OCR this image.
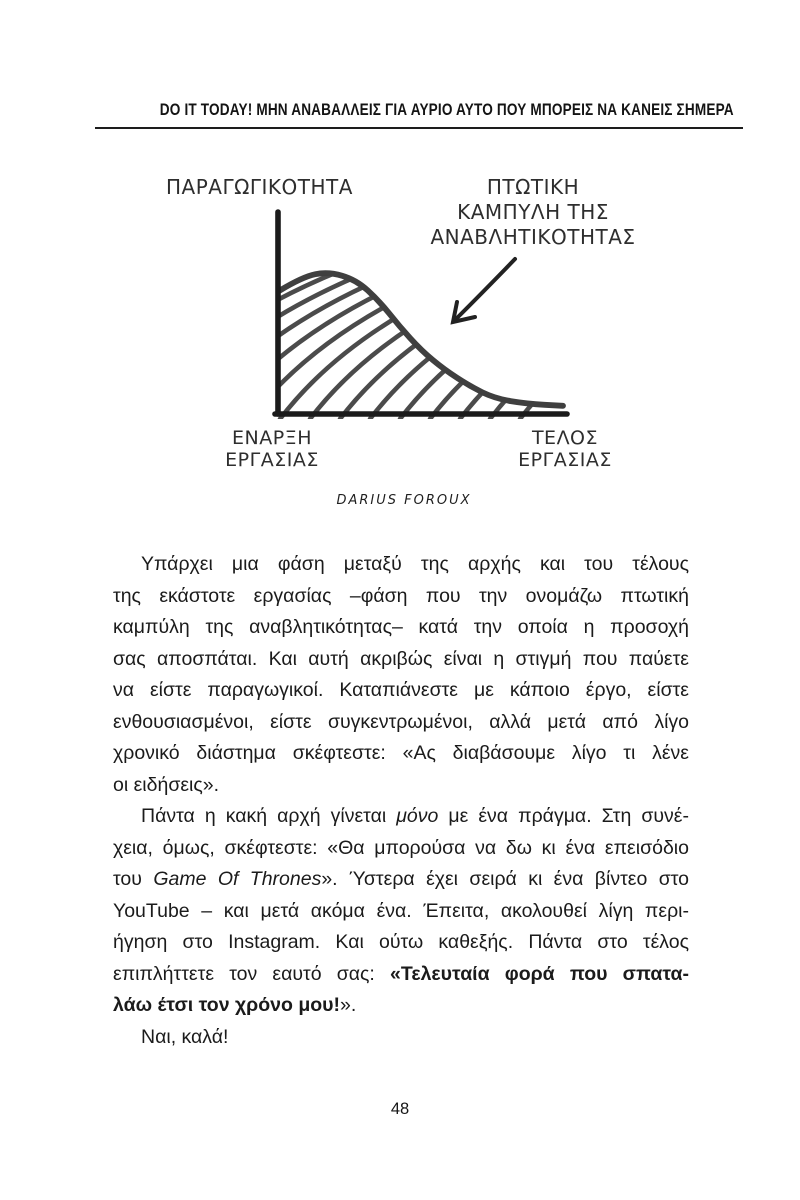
DO IT TODAY! ΜΗΝ ΑΝΑΒΑΛΛΕΙΣ ΓΙΑ ΑΥΡΙΟ ΑΥΤΟ ΠΟΥ ΜΠΟΡΕΙΣ ΝΑ ΚΑΝΕΙΣ ΣΗΜΕΡΑ
ΠΑΡΑΓΩΓΙΚΟΤΗΤΑ	ΠΤΩΤΙΚΗ
ΚΑΜΠΥΛΗ ΤΗΣ
ΑΝΑΒΛΗΤΙΚΟΤΗΤΑΣ
ΕΝΑΡΞΗ
ΕΡΓΑΣΙΑΣ
ΤΕΛΟΣ
ΕΡΓΑΣΙΑΣ
DARIUS FOROUX
Υπάρχει μια φάση μεταξύ της αρχής και του τέλους
της εκάστοτε εργασίας –φάση που την ονομάζω πτωτική
καμπύλη της αναβλητικότητας– κατά την οποία η προσοχή
σας αποσπάται. Και αυτή ακριβώς είναι η στιγμή που παύετε
να είστε παραγωγικοί. Καταπιάνεστε με κάποιο έργο, είστε
ενθουσιασμένοι, είστε συγκεντρωμένοι, αλλά μετά από λίγο
χρονικό διάστημα σκέφτεστε: «Ας διαβάσουμε λίγο τι λένε
οι ειδήσεις».
Πάντα η κακή αρχή γίνεται μόνο με ένα πράγμα. Στη συνέ-
χεια, όμως, σκέφτεστε: «Θα μπορούσα να δω κι ένα επεισόδιο
του Game Of Thrones». Ύστερα έχει σειρά κι ένα βίντεο στο
YouTube – και μετά ακόμα ένα. Έπειτα, ακολουθεί λίγη περι-
ήγηση στο Instagram. Και ούτω καθεξής. Πάντα στο τέλος
επιπλήττετε τον εαυτό σας: «Τελευταία φορά που σπατα-
λάω έτσι τον χρόνο μου!».
Ναι, καλά!
48
